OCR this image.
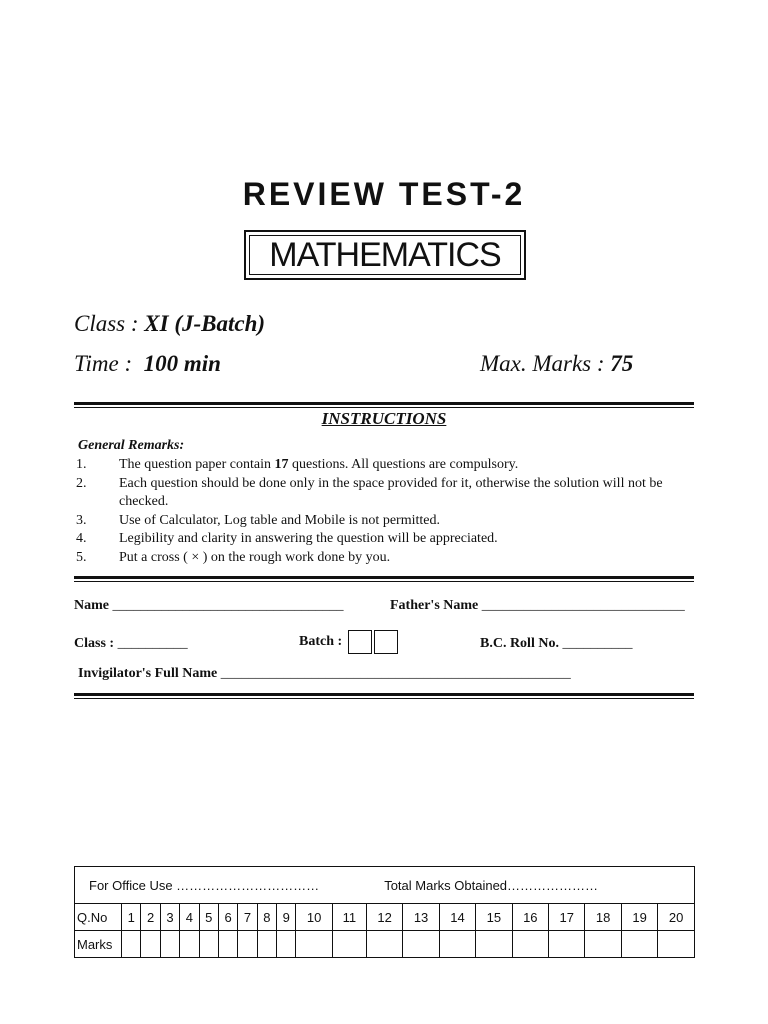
REVIEW TEST-2
MATHEMATICS
Class : XI (J-Batch)
Time : 100 min	Max. Marks : 75
INSTRUCTIONS
General Remarks:
1.	The question paper contain 17 questions. All questions are compulsory.
2.	Each question should be done only in the space provided for it, otherwise the solution will not be checked.
3.	Use of Calculator, Log table and Mobile is not permitted.
4.	Legibility and clarity in answering the question will be appreciated.
5.	Put a cross ( × ) on the rough work done by you.
Name _________________________________	Father's Name _____________________________
Class : __________	Batch :	B.C. Roll No. __________
Invigilator's Full Name __________________________________________________
For Office Use …………………………… Total Marks Obtained…………………																				
Q.No	1	2	3	4	5	6	7	8	9	10	11	12	13	14	15	16	17	18	19	20
Marks																				
